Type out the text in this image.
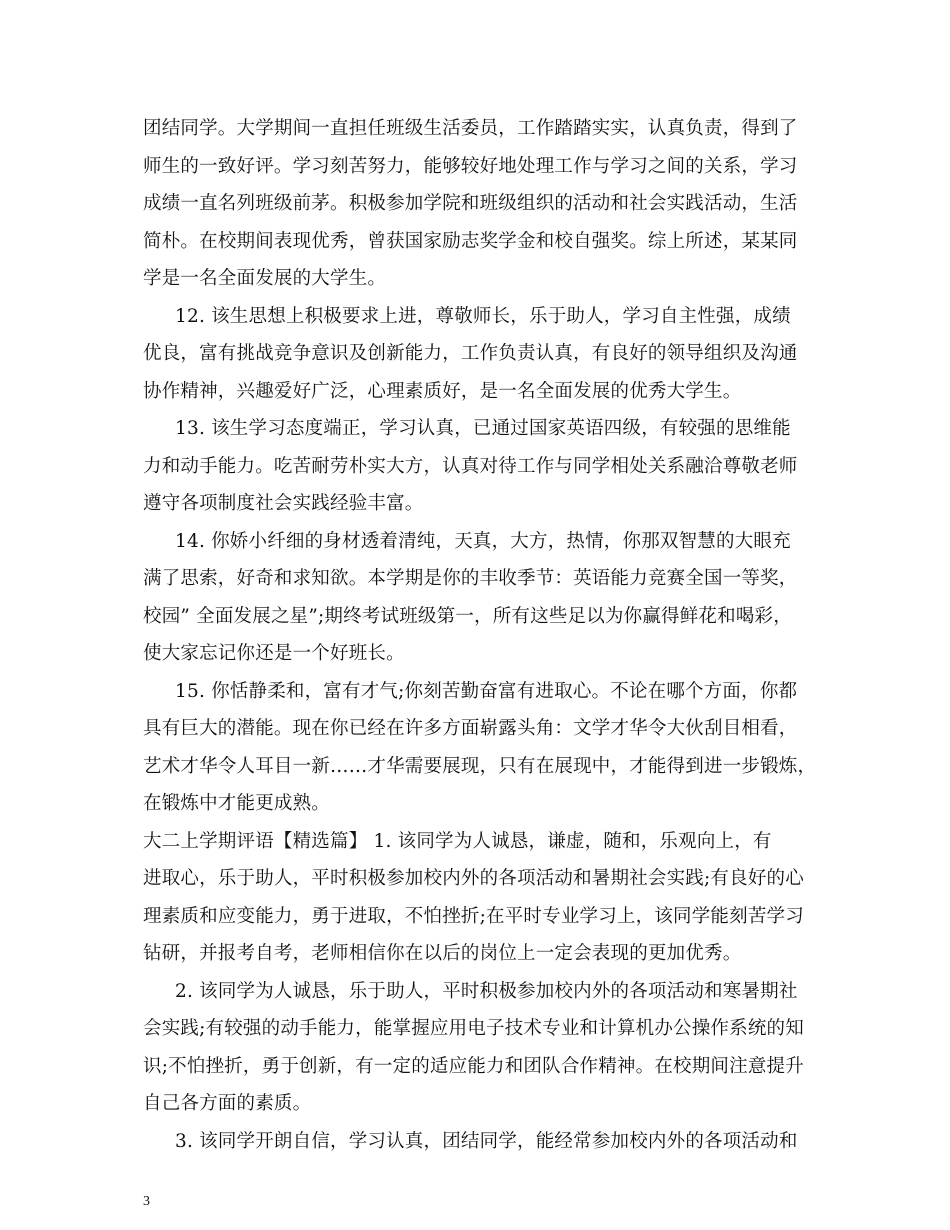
团结同学。大学期间一直担任班级生活委员，工作踏踏实实，认真负责，得到了
师生的一致好评。学习刻苦努力，能够较好地处理工作与学习之间的关系，学习
成绩一直名列班级前茅。积极参加学院和班级组织的活动和社会实践活动，生活
简朴。在校期间表现优秀，曾获国家励志奖学金和校自强奖。综上所述，某某同
学是一名全面发展的大学生。
12. 该生思想上积极要求上进，尊敬师长，乐于助人，学习自主性强，成绩
优良，富有挑战竞争意识及创新能力，工作负责认真，有良好的领导组织及沟通
协作精神，兴趣爱好广泛，心理素质好，是一名全面发展的优秀大学生。
13. 该生学习态度端正，学习认真，已通过国家英语四级，有较强的思维能
力和动手能力。吃苦耐劳朴实大方，认真对待工作与同学相处关系融洽尊敬老师
遵守各项制度社会实践经验丰富。
14. 你娇小纤细的身材透着清纯，天真，大方，热情，你那双智慧的大眼充
满了思索，好奇和求知欲。本学期是你的丰收季节：英语能力竞赛全国一等奖，
校园” 全面发展之星”;期终考试班级第一，所有这些足以为你赢得鲜花和喝彩，
使大家忘记你还是一个好班长。
15. 你恬静柔和，富有才气;你刻苦勤奋富有进取心。不论在哪个方面，你都
具有巨大的潜能。现在你已经在许多方面崭露头角：文学才华令大伙刮目相看，
艺术才华令人耳目一新……才华需要展现，只有在展现中，才能得到进一步锻炼，
在锻炼中才能更成熟。
大二上学期评语【精选篇】 1. 该同学为人诚恳，谦虚，随和，乐观向上，有
进取心，乐于助人，平时积极参加校内外的各项活动和暑期社会实践;有良好的心
理素质和应变能力，勇于进取，不怕挫折;在平时专业学习上，该同学能刻苦学习
钻研，并报考自考，老师相信你在以后的岗位上一定会表现的更加优秀。
2. 该同学为人诚恳，乐于助人，平时积极参加校内外的各项活动和寒暑期社
会实践;有较强的动手能力，能掌握应用电子技术专业和计算机办公操作系统的知
识;不怕挫折，勇于创新，有一定的适应能力和团队合作精神。在校期间注意提升
自己各方面的素质。
3. 该同学开朗自信，学习认真，团结同学，能经常参加校内外的各项活动和
3
